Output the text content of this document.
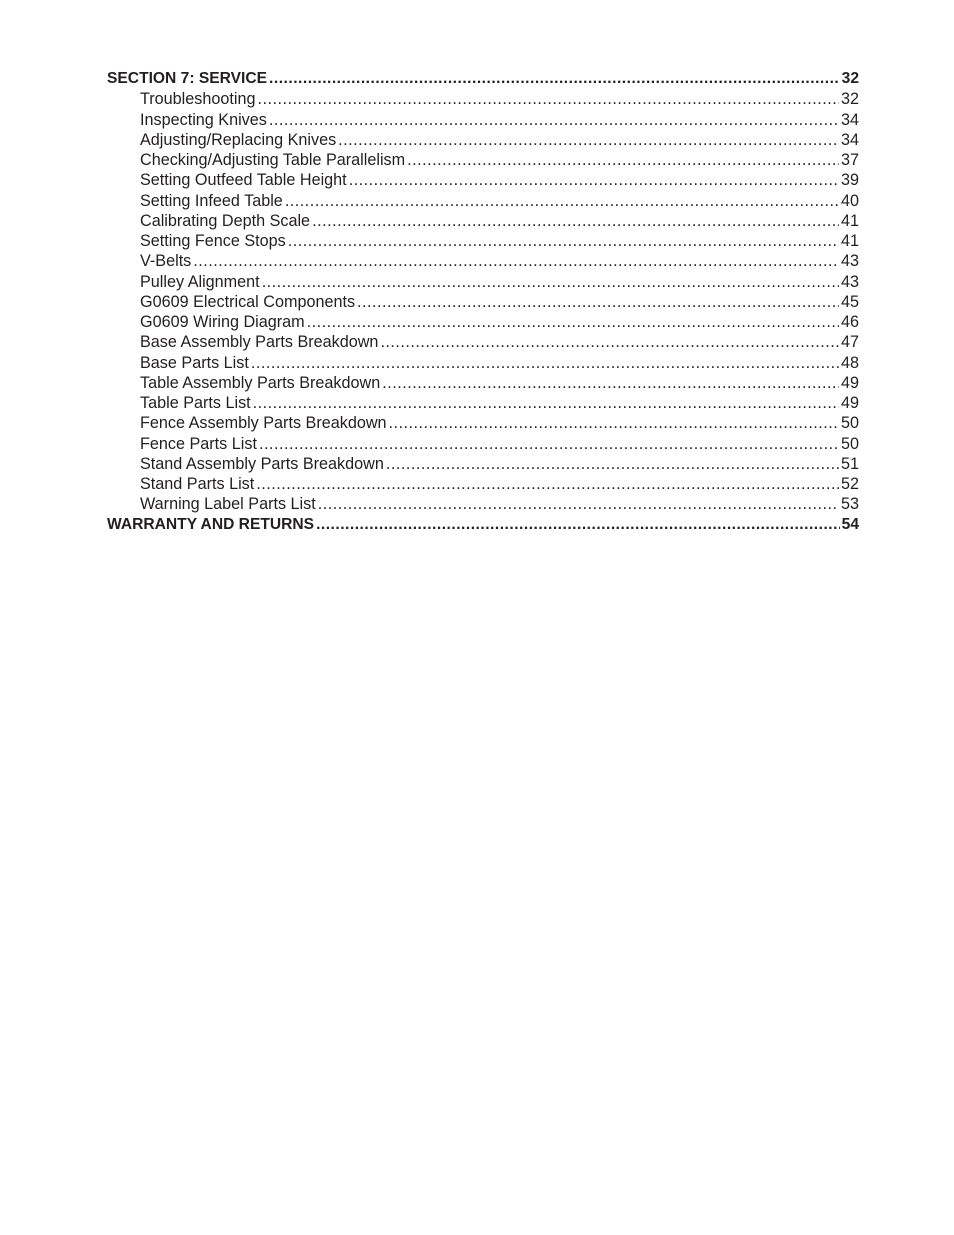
SECTION 7: SERVICE .....	32
Troubleshooting .....	32
Inspecting Knives .....	34
Adjusting/Replacing Knives .....	34
Checking/Adjusting Table Parallelism .....	37
Setting Outfeed Table Height .....	39
Setting Infeed Table .....	40
Calibrating Depth Scale .....	41
Setting Fence Stops .....	41
V-Belts .....	43
Pulley Alignment .....	43
G0609 Electrical Components .....	45
G0609 Wiring Diagram .....	46
Base Assembly Parts Breakdown .....	47
Base Parts List .....	48
Table Assembly Parts Breakdown .....	49
Table Parts List .....	49
Fence Assembly Parts Breakdown .....	50
Fence Parts List .....	50
Stand Assembly Parts Breakdown .....	51
Stand Parts List .....	52
Warning Label Parts List .....	53
WARRANTY AND RETURNS .....	54
